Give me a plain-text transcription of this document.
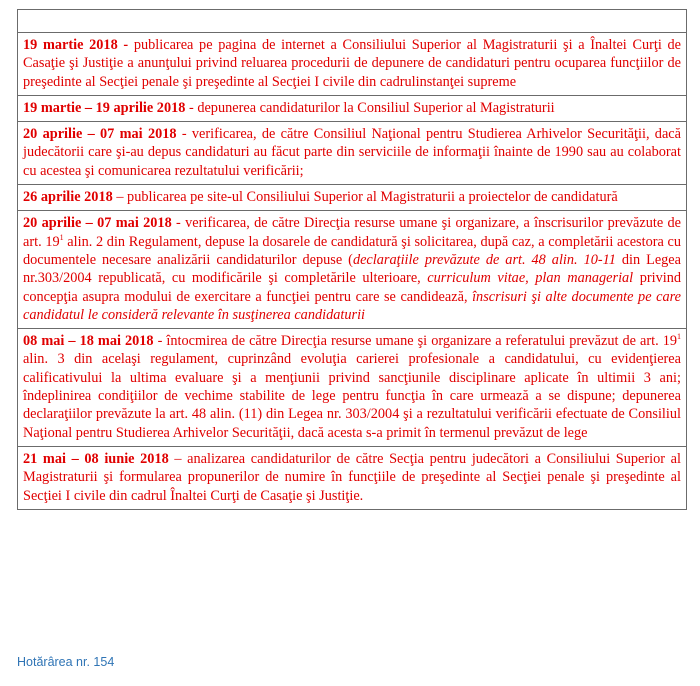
19 martie 2018 - publicarea pe pagina de internet a Consiliului Superior al Magistraturii şi a Înaltei Curţi de Casaţie şi Justiţie a anunţului privind reluarea procedurii de depunere de candidaturi pentru ocuparea funcţiilor de preşedinte al Secţiei penale şi preşedinte al Secţiei I civile din cadrulinstanţei supreme
19 martie – 19 aprilie 2018 - depunerea candidaturilor la Consiliul Superior al Magistraturii
20 aprilie – 07 mai 2018 - verificarea, de către Consiliul Naţional pentru Studierea Arhivelor Securităţii, dacă judecătorii care şi-au depus candidaturi au făcut parte din serviciile de informaţii înainte de 1990 sau au colaborat cu acestea şi comunicarea rezultatului verificării;
26 aprilie 2018 – publicarea pe site-ul Consiliului Superior al Magistraturii a proiectelor de candidatură
20 aprilie – 07 mai 2018 - verificarea, de către Direcţia resurse umane şi organizare, a înscrisurilor prevăzute de art. $19^1$ alin. 2 din Regulament, depuse la dosarele de candidatură şi solicitarea, după caz, a completării acestora cu documentele necesare analizării candidaturilor depuse (declaraţiile prevăzute de art. 48 alin. 10-11 din Legea nr.303/2004 republicată, cu modificările şi completările ulterioare, curriculum vitae, plan managerial privind concepţia asupra modului de exercitare a funcţiei pentru care se candidează, înscrisuri şi alte documente pe care candidatul le consideră relevante în susţinerea candidaturii
08 mai – 18 mai 2018 - întocmirea de către Direcţia resurse umane şi organizare a referatului prevăzut de art. $19^1$ alin. 3 din acelaşi regulament, cuprinzând evoluţia carierei profesionale a candidatului, cu evidenţierea calificativului la ultima evaluare şi a menţiunii privind sancţiunile disciplinare aplicate în ultimii 3 ani; îndeplinirea condiţiilor de vechime stabilite de lege pentru funcţia în care urmează a se dispune; depunerea declaraţiilor prevăzute la art. 48 alin. (11) din Legea nr. 303/2004 şi a rezultatului verificării efectuate de Consiliul Naţional pentru Studierea Arhivelor Securităţii, dacă acesta s-a primit în termenul prevăzut de lege
21 mai – 08 iunie 2018 – analizarea candidaturilor de către Secţia pentru judecători a Consiliului Superior al Magistraturii şi formularea propunerilor de numire în funcţiile de preşedinte al Secţiei penale şi preşedinte al Secţiei I civile din cadrul Înaltei Curţi de Casaţie şi Justiţie.
Hotărârea nr. 154
